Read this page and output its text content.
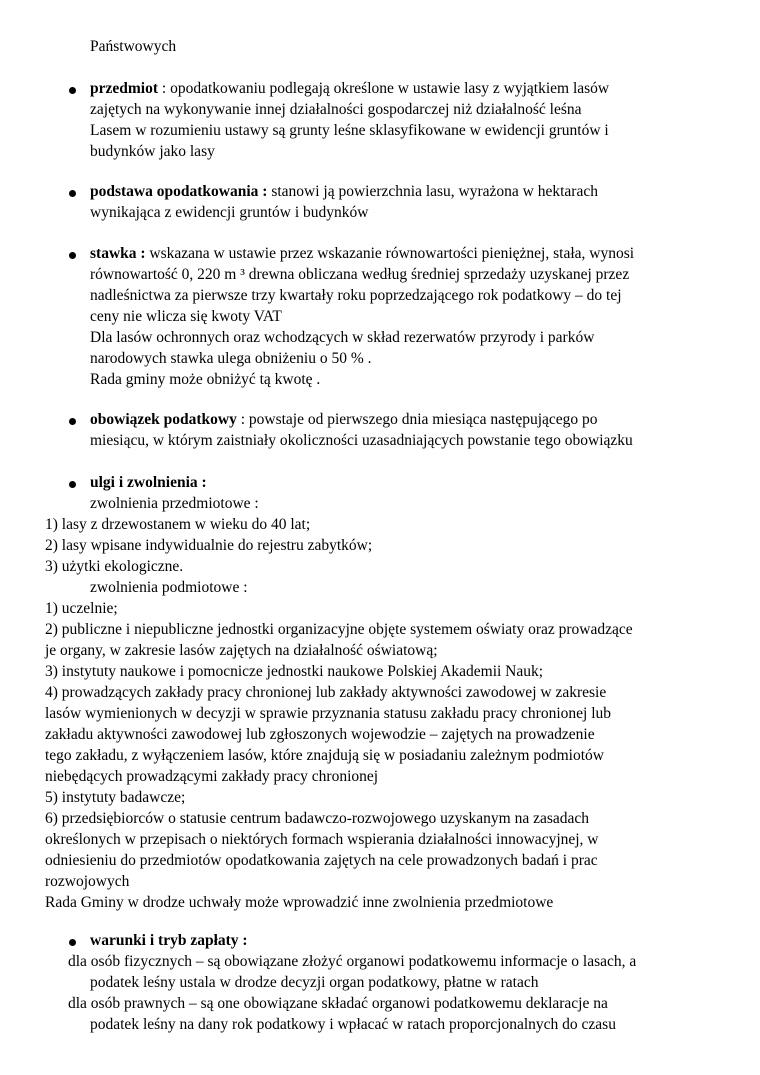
Państwowych
przedmiot : opodatkowaniu podlegają określone w ustawie lasy z wyjątkiem lasów
zajętych na wykonywanie innej działalności gospodarczej niż działalność leśna
Lasem w rozumieniu ustawy są grunty leśne sklasyfikowane w ewidencji gruntów i
budynków jako lasy
podstawa opodatkowania : stanowi ją powierzchnia lasu, wyrażona w hektarach
wynikająca z ewidencji gruntów i budynków
stawka : wskazana w ustawie przez wskazanie równowartości pieniężnej, stała, wynosi
równowartość 0, 220 m ³ drewna obliczana według średniej sprzedaży uzyskanej przez
nadleśnictwa za pierwsze trzy kwartały roku poprzedzającego rok podatkowy – do tej
ceny nie wlicza się kwoty VAT
Dla lasów ochronnych oraz wchodzących w skład rezerwatów przyrody i parków
narodowych stawka ulega obniżeniu o 50 % .
Rada gminy może obniżyć tą kwotę .
obowiązek podatkowy : powstaje od pierwszego dnia miesiąca następującego po
miesiącu, w którym zaistniały okoliczności uzasadniających powstanie tego obowiązku
ulgi i zwolnienia :
zwolnienia przedmiotowe :
1) lasy z drzewostanem w wieku do 40 lat;
2) lasy wpisane indywidualnie do rejestru zabytków;
3) użytki ekologiczne.
zwolnienia podmiotowe :
1) uczelnie;
2) publiczne i niepubliczne jednostki organizacyjne objęte systemem oświaty oraz prowadzące
je organy, w zakresie lasów zajętych na działalność oświatową;
3) instytuty naukowe i pomocnicze jednostki naukowe Polskiej Akademii Nauk;
4) prowadzących zakłady pracy chronionej lub zakłady aktywności zawodowej w zakresie
lasów wymienionych w decyzji w sprawie przyznania statusu zakładu pracy chronionej lub
zakładu aktywności zawodowej lub zgłoszonych wojewodzie – zajętych na prowadzenie
tego zakładu, z wyłączeniem lasów, które znajdują się w posiadaniu zależnym podmiotów
niebędących prowadzącymi zakłady pracy chronionej
5) instytuty badawcze;
6) przedsiębiorców o statusie centrum badawczo-rozwojowego uzyskanym na zasadach
określonych w przepisach o niektórych formach wspierania działalności innowacyjnej, w
odniesieniu do przedmiotów opodatkowania zajętych na cele prowadzonych badań i prac
rozwojowych
Rada Gminy w drodze uchwały może wprowadzić inne zwolnienia przedmiotowe
warunki i tryb zapłaty :
dla osób fizycznych – są obowiązane złożyć organowi podatkowemu informacje o lasach, a
podatek leśny ustala w drodze decyzji organ podatkowy, płatne w ratach
dla osób prawnych – są one obowiązane składać organowi podatkowemu deklaracje na
podatek leśny na dany rok podatkowy i wpłacać w ratach proporcjonalnych do czasu
